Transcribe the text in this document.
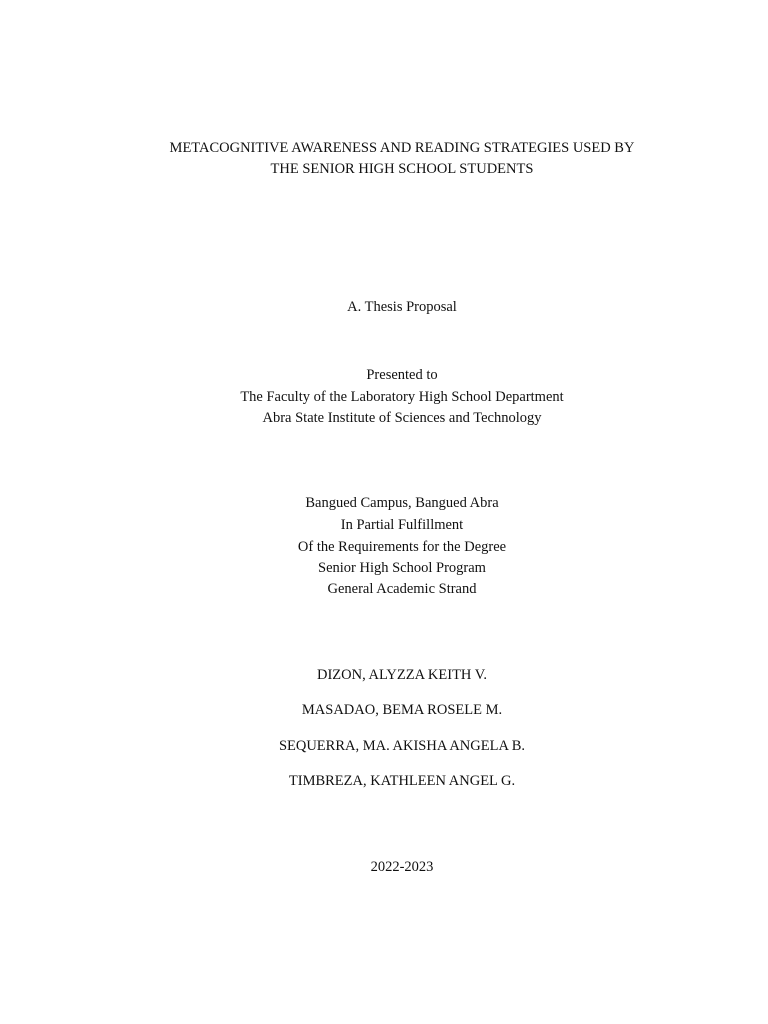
METACOGNITIVE AWARENESS AND READING STRATEGIES USED BY
THE SENIOR HIGH SCHOOL STUDENTS
A. Thesis Proposal
Presented to
The Faculty of the Laboratory High School Department
Abra State Institute of Sciences and Technology
Bangued Campus, Bangued Abra
In Partial Fulfillment
Of the Requirements for the Degree
Senior High School Program
General Academic Strand
DIZON, ALYZZA KEITH V.
MASADAO, BEMA ROSELE M.
SEQUERRA, MA. AKISHA ANGELA B.
TIMBREZA, KATHLEEN ANGEL G.
2022-2023
